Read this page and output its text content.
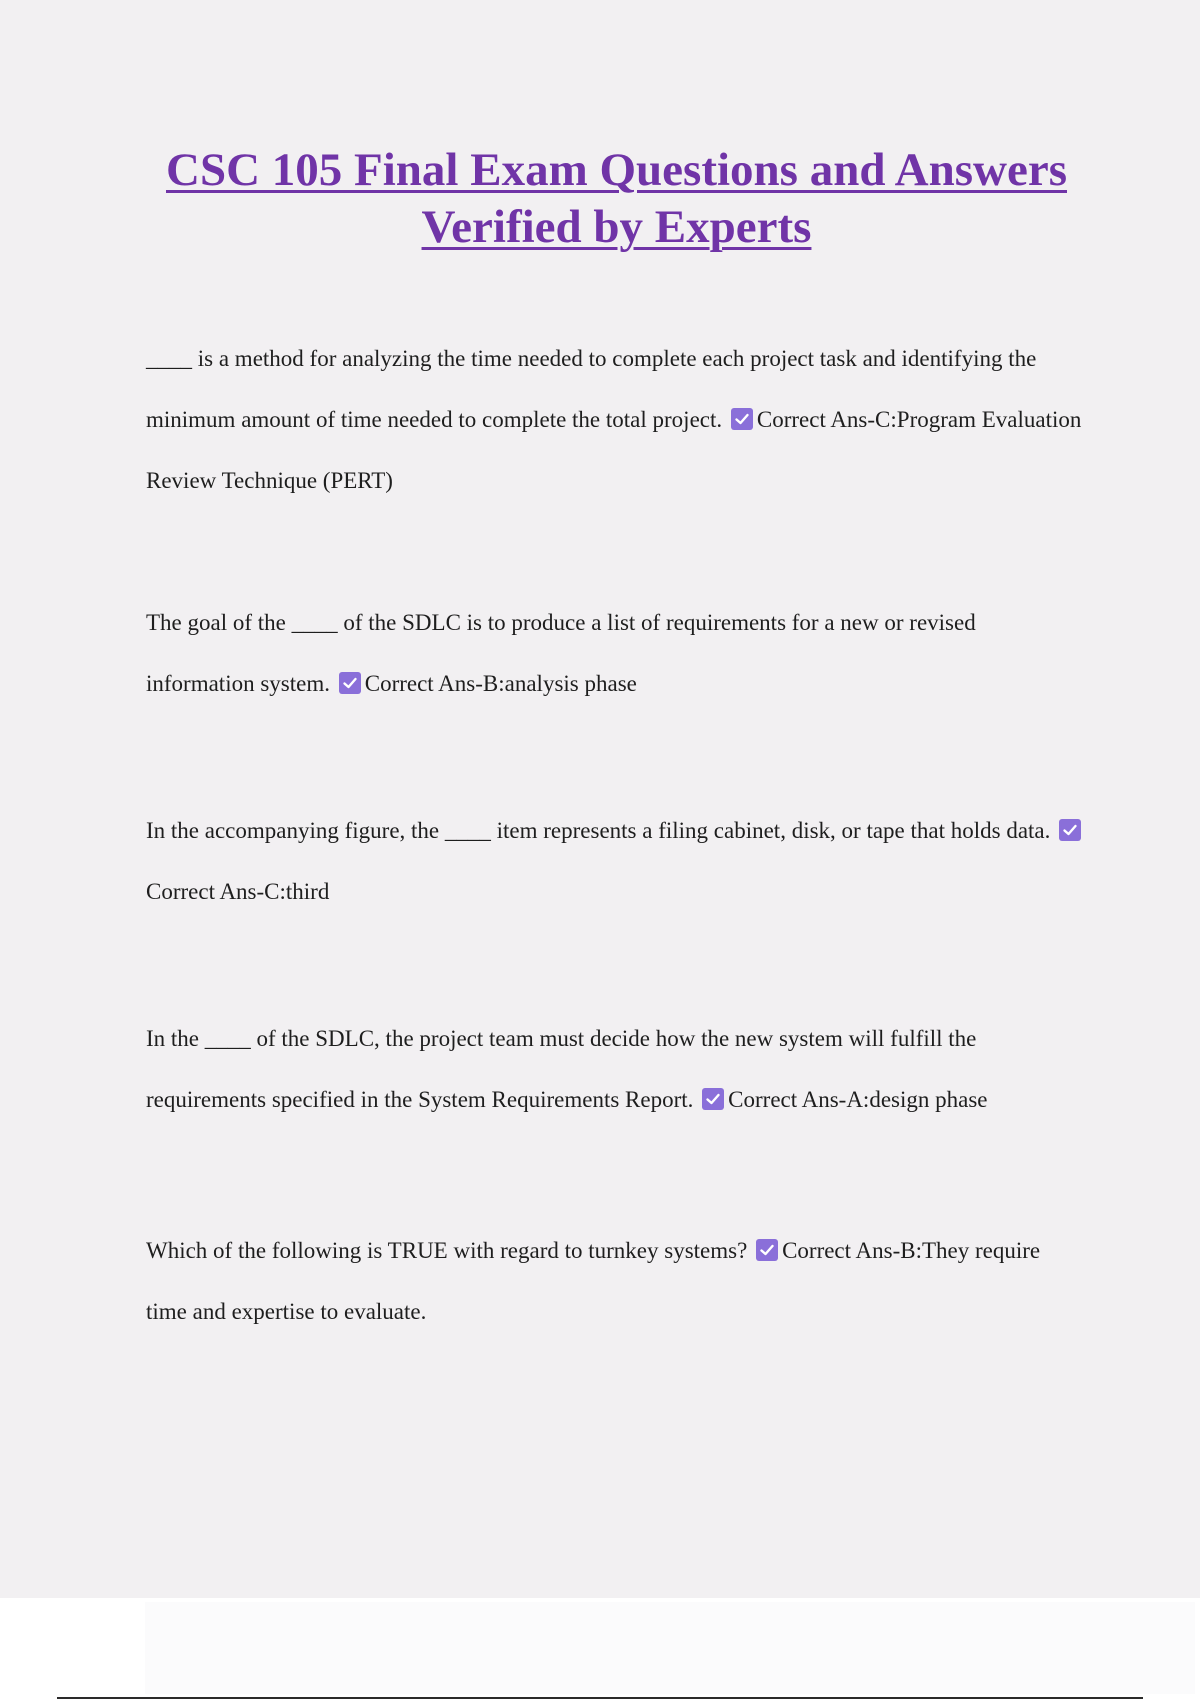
CSC 105 Final Exam Questions and Answers
Verified by Experts

____ is a method for analyzing the time needed to complete each project task and identifying the minimum amount of time needed to complete the total project.
Correct Ans-C:Program Evaluation Review Technique (PERT)

The goal of the ____ of the SDLC is to produce a list of requirements for a new or revised information system.
Correct Ans-B:analysis phase

In the accompanying figure, the ____ item represents a filing cabinet, disk, or tape that holds data.
Correct Ans-C:third

In the ____ of the SDLC, the project team must decide how the new system will fulfill the requirements specified in the System Requirements Report.
Correct Ans-A:design phase

Which of the following is TRUE with regard to turnkey systems?
Correct Ans-B:They require time and expertise to evaluate.
